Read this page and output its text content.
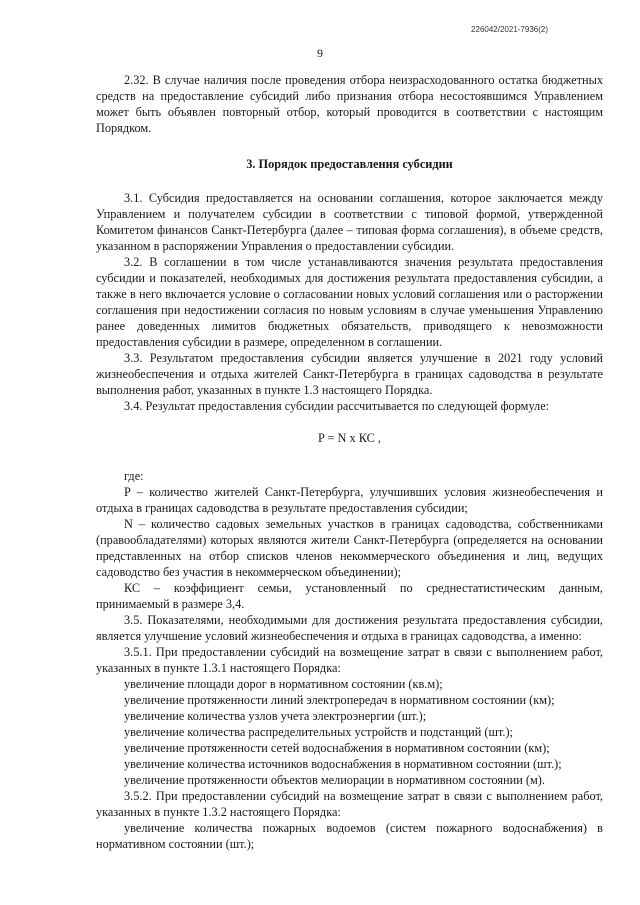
226042/2021-7936(2)
9

2.32. В случае наличия после проведения отбора неизрасходованного остатка бюджетных средств на предоставление субсидий либо признания отбора несостоявшимся Управлением может быть объявлен повторный отбор, который проводится в соответствии с настоящим Порядком.

3. Порядок предоставления субсидии

3.1. Субсидия предоставляется на основании соглашения, которое заключается между Управлением и получателем субсидии в соответствии с типовой формой, утвержденной Комитетом финансов Санкт-Петербурга (далее – типовая форма соглашения), в объеме средств, указанном в распоряжении Управления о предоставлении субсидии.

3.2. В соглашении в том числе устанавливаются значения результата предоставления субсидии и показателей, необходимых для достижения результата предоставления субсидии, а также в него включается условие о согласовании новых условий соглашения или о расторжении соглашения при недостижении согласия по новым условиям в случае уменьшения Управлению ранее доведенных лимитов бюджетных обязательств, приводящего к невозможности предоставления субсидии в размере, определенном в соглашении.

3.3. Результатом предоставления субсидии является улучшение в 2021 году условий жизнеобеспечения и отдыха жителей Санкт-Петербурга в границах садоводства в результате выполнения работ, указанных в пункте 1.3 настоящего Порядка.

3.4. Результат предоставления субсидии рассчитывается по следующей формуле:

P = N x КС ,

где:

P – количество жителей Санкт-Петербурга, улучшивших условия жизнеобеспечения и отдыха в границах садоводства в результате предоставления субсидии;

N – количество садовых земельных участков в границах садоводства, собственниками (правообладателями) которых являются жители Санкт-Петербурга (определяется на основании представленных на отбор списков членов некоммерческого объединения и лиц, ведущих садоводство без участия в некоммерческом объединении);

КС – коэффициент семьи, установленный по среднестатистическим данным, принимаемый в размере 3,4.

3.5. Показателями, необходимыми для достижения результата предоставления субсидии, является улучшение условий жизнеобеспечения и отдыха в границах садоводства, а именно:

3.5.1. При предоставлении субсидий на возмещение затрат в связи с выполнением работ, указанных в пункте 1.3.1 настоящего Порядка:

увеличение площади дорог в нормативном состоянии (кв.м);

увеличение протяженности линий электропередач в нормативном состоянии (км);

увеличение количества узлов учета электроэнергии (шт.);

увеличение количества распределительных устройств и подстанций (шт.);

увеличение протяженности сетей водоснабжения в нормативном состоянии (км);

увеличение количества источников водоснабжения в нормативном состоянии (шт.);

увеличение протяженности объектов мелиорации в нормативном состоянии (м).

3.5.2. При предоставлении субсидий на возмещение затрат в связи с выполнением работ, указанных в пункте 1.3.2 настоящего Порядка:

увеличение количества пожарных водоемов (систем пожарного водоснабжения) в нормативном состоянии (шт.);
